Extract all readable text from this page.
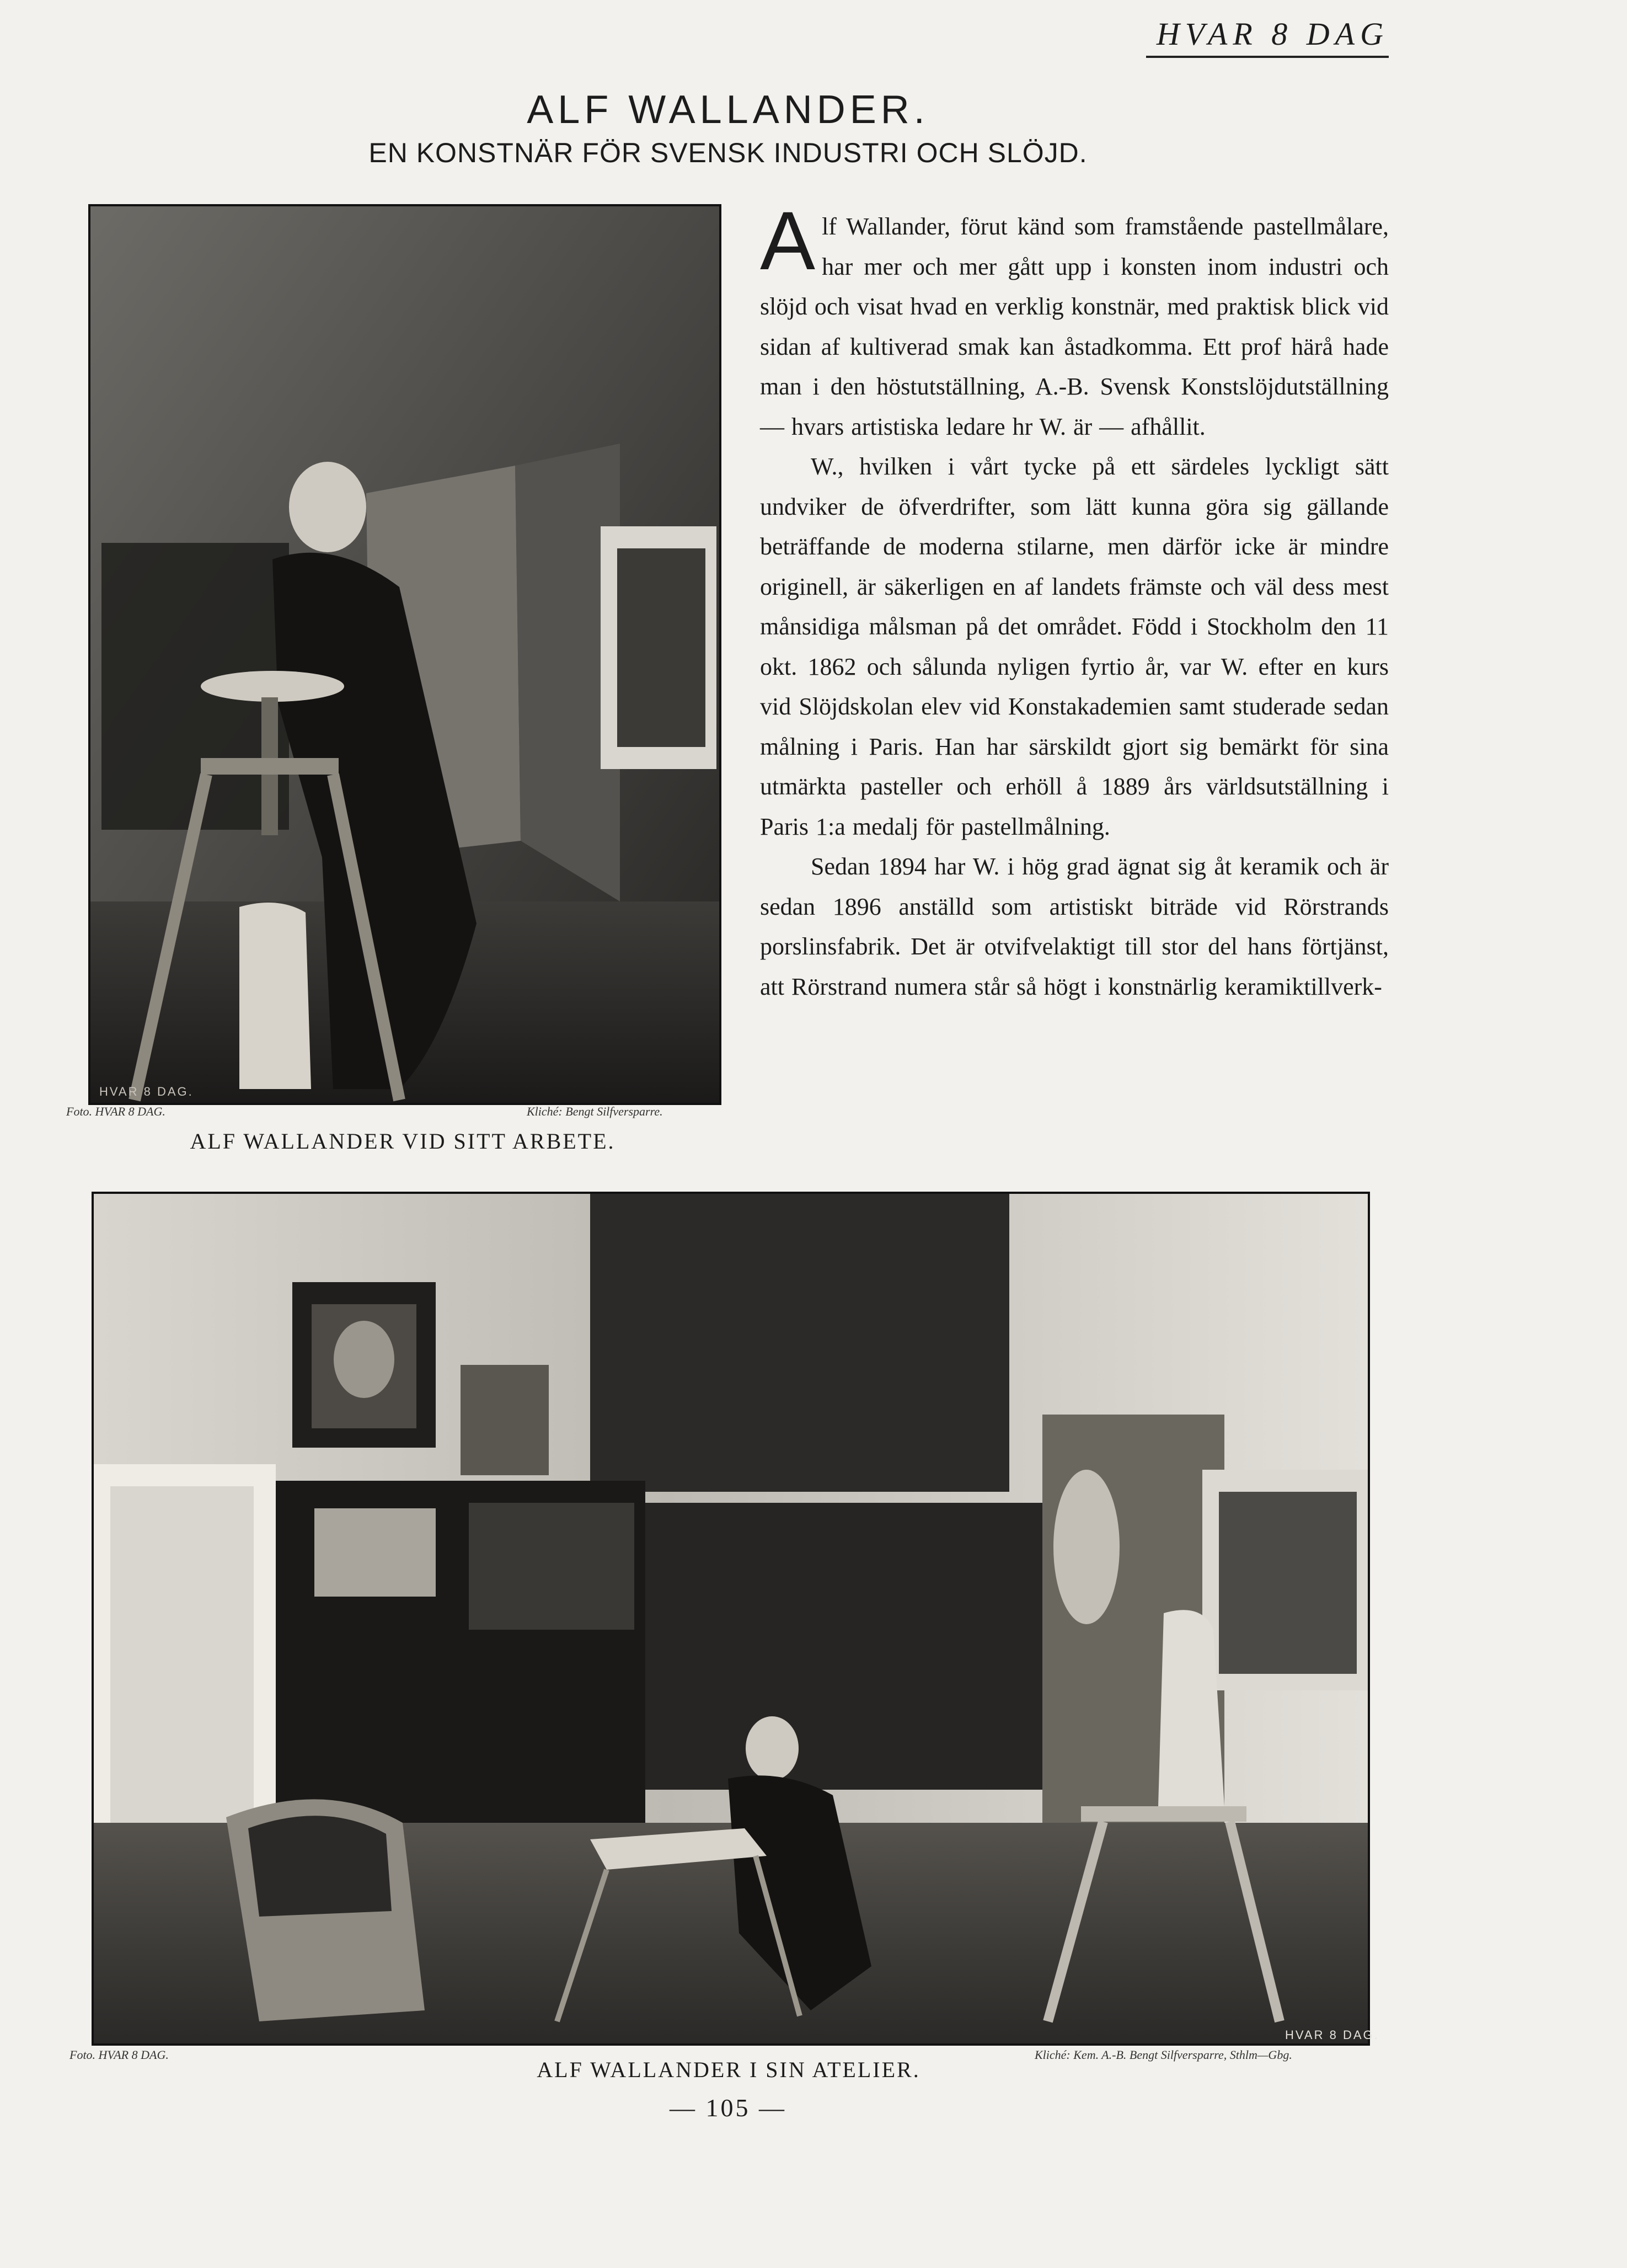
HVAR 8 DAG
ALF WALLANDER.
EN KONSTNÄR FÖR SVENSK INDUSTRI OCH SLÖJD.
HVAR 8 DAG.
Foto. HVAR 8 DAG.	Kliché: Bengt Silfversparre.
ALF WALLANDER VID SITT ARBETE.

Alf Wallander, förut känd som framstående pastellmålare, har mer och mer gått upp i konsten inom industri och slöjd och visat hvad en verklig konstnär, med praktisk blick vid sidan af kultiverad smak kan åstadkomma. Ett prof härå hade man i den höstutställning, A.-B. Svensk Konstslöjdutställning — hvars artistiska ledare hr W. är — afhållit.

W., hvilken i vårt tycke på ett särdeles lyckligt sätt undviker de öfverdrifter, som lätt kunna göra sig gällande beträffande de moderna stilarne, men därför icke är mindre originell, är säkerligen en af landets främste och väl dess mest månsidiga målsman på det området. Född i Stockholm den 11 okt. 1862 och sålunda nyligen fyrtio år, var W. efter en kurs vid Slöjdskolan elev vid Konstakademien samt studerade sedan målning i Paris. Han har särskildt gjort sig bemärkt för sina utmärkta pasteller och erhöll å 1889 års världsutställning i Paris 1:a medalj för pastellmålning.

Sedan 1894 har W. i hög grad ägnat sig åt keramik och är sedan 1896 anställd som artistiskt biträde vid Rörstrands porslinsfabrik. Det är otvifvelaktigt till stor del hans förtjänst, att Rörstrand numera står så högt i konstnärlig keramiktillverk-

HVAR 8 DAG.
Foto. HVAR 8 DAG.	Kliché: Kem. A.-B. Bengt Silfversparre, Sthlm—Gbg.
ALF WALLANDER I SIN ATELIER.
— 105 —
